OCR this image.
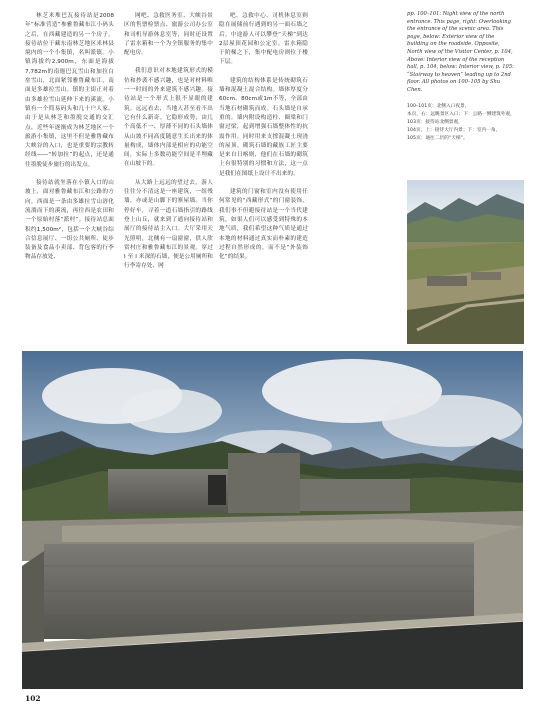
林芝米堆巴瓦接待站是2008年“标准营造”参雅鲁藏布江小码头之后，在西藏建造的另一个房子。接待站位于藏东南林芝地区米林县境内的一个小集镇，名叫派镇。小镇海拔约2,900m，东面是海拔7,782m的南迦巴瓦雪山和加拉白垒雪山，北面紧邻雅鲁藏布江，南面是多雄拉雪山。镇的主街正对着由多雄拉雪山延伸下来的溪流。小镇有一个简易码头和几十户人家。由于是从林芝和墨脱交通的交汇点，近些年逐渐成为林芝地区一个旅游小集镇，这里不但是雅鲁藏布大峡谷的入口，也是重要的宗教转经线——“转加拉”的起点，还是通往墨脱徒步旅行的出发点。

接待站就坐落在小镇入口的山坡上，面对雅鲁藏布江和公路的方向，西面是一条由多雄拉雪山溶化流淌而下的溪流，再往西是农田和一个原始村落“派村”。接待站总面积约1,500m²，包括一个大峡谷综合信息展厅、一组公共厕所、徒步装备及食品小卖部、背包客的行李物品存放处、

网吧、急救医务室、大峡谷景区的售票检票点、旅游公司办公室和司机导游休息室等，同时还设置了雷水箱和一个为全镇服务的集中配电房。

我们意识对本地建筑形式的模仿和抄袭不感兴趣，也是对材料唯一一时间的外来建筑不感兴趣。接待站是一个形式上很不显眼的建筑。远远看去，当地人甚至看不出它有什么新奇。它隐形成势，由几个高低不一、厚薄不同的石头墙体从山坡不同高度随意生长出来的体量构成，墙体内部是相应的功能空间，实际上多数功能空间是半埋藏在山坡下的。

从大路上远远的望过去，游人往往分不清这是一座建筑，一组残墙，亦或是山脚下的寨屋墙。当你停好车，寻着一道石墙指引的路线登上山丘，就来到了通向接待站和展厅的接待站主入口。大厅采用天光照明，北侧有一扇窗窗，供人欣赏村庄和雅鲁藏布江的景观。穿过 I 至 I 米深的石墙，便是公用厕所和行李寄存处、网

吧、急救中心、司机休息室则隐在展储前行遇到的另一面石墙之后。中途游人可以攀登“天梯”到达2层屋顶花园和公定室。雷水箱隐于阶梯之下，集中配电房则位于楼下层。

建筑的结构体系是传统砌筑石墙和混凝土混合结构。墙体厚度分60cm、80cm或1m不等，全部由当地石材砌筑而成。石头墙是自承重的。墙内附设构造柱、圈梁和门窗过梁，起到增强石墙整体性的抗震作用。同时用来支撑混凝土现浇的屋顶。砌筑石墙的藏族工匠主要是来自日喀则，他们在石墙的砌筑上有很特别的习惯和方法，这一点是我们在图纸上设计不出来的。

建筑的门窗和室内没有使用任何常见的“西藏形式”的门窗装饰，我们事不但避接待站是一个当代建筑，如果人们可以感受到特殊的本地气质，我们希望这种气质是通过本地的材料通过真实而朴素的建造过程自然形成的，而不是“外装饰化”的结果。

pp. 100–101: Night view of the north entrance. This page, right: Overlooking the entrance of the scenic area. This page, below: Exterior view of the building on the roadside. Opposite, North view of the Visitor Center, p. 104, Above: Interior view of the reception hall, p. 104, below: Interior view, p. 105: “Stairway to heaven” leading up to 2nd floor. All photos on 100–105 by Shu Chen.

100–101页：北侧入口夜景，
本页，右：远眺景区入口；下：公路一侧建筑外观，
103页：接待站北侧景观，
104页，上：接待大厅内景；下：室内一角，
105页：通往二层的“天梯”。

102
